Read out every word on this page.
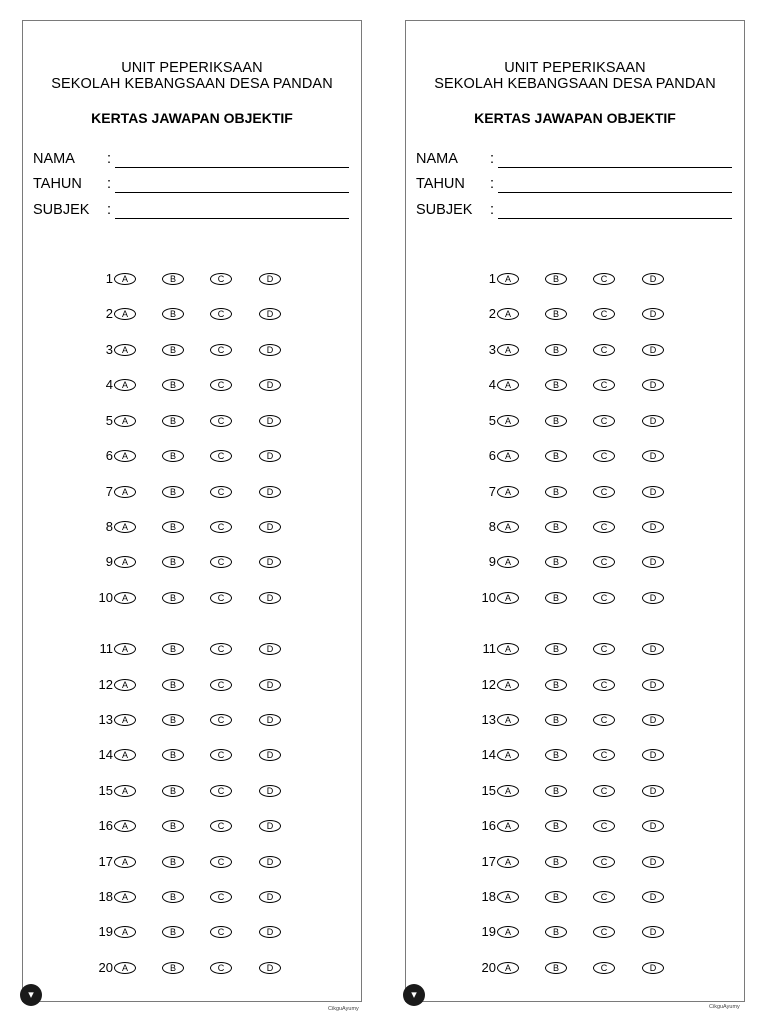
UNIT PEPERIKSAAN
SEKOLAH KEBANGSAAN DESA PANDAN
KERTAS JAWAPAN OBJEKTIF
NAMA :
TAHUN :
SUBJEK :
1 A	B	C	D
2 A	B	C	D
3 A	B	C	D
4 A	B	C	D
5 A	B	C	D
6 A	B	C	D
7 A	B	C	D
8 A	B	C	D
9 A	B	C	D
10 A	B	C	D
11 A	B	C	D
12 A	B	C	D
13 A	B	C	D
14 A	B	C	D
15 A	B	C	D
16 A	B	C	D
17 A	B	C	D
18 A	B	C	D
19 A	B	C	D
20 A	B	C	D
▾
UNIT PEPERIKSAAN
SEKOLAH KEBANGSAAN DESA PANDAN
KERTAS JAWAPAN OBJEKTIF
NAMA :
TAHUN :
SUBJEK :
1 A	B	C	D
2 A	B	C	D
3 A	B	C	D
4 A	B	C	D
5 A	B	C	D
6 A	B	C	D
7 A	B	C	D
8 A	B	C	D
9 A	B	C	D
10 A	B	C	D
11 A	B	C	D
12 A	B	C	D
13 A	B	C	D
14 A	B	C	D
15 A	B	C	D
16 A	B	C	D
17 A	B	C	D
18 A	B	C	D
19 A	B	C	D
20 A	B	C	D
▾
CikguAyumy	CikguAyumy
